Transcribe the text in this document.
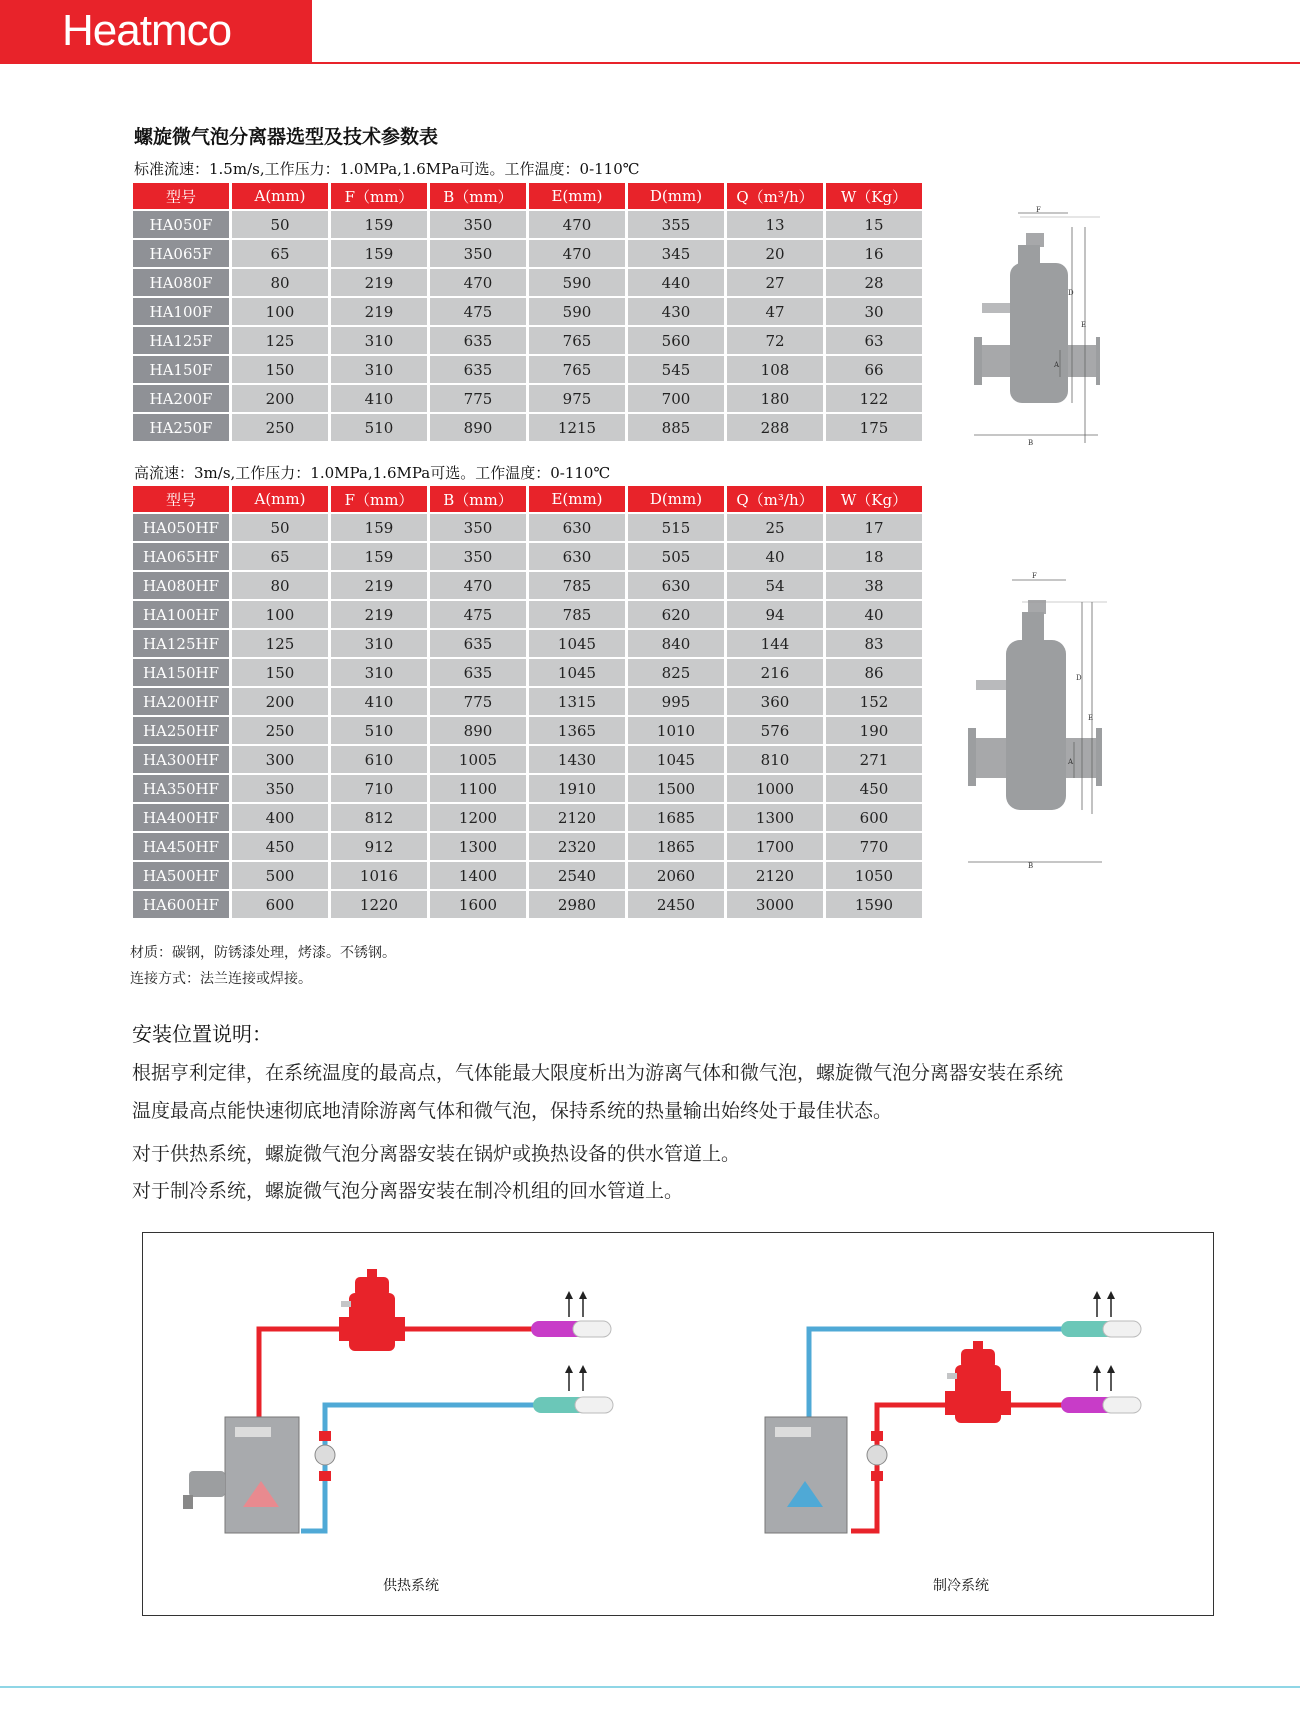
Heatmco
螺旋微气泡分离器选型及技术参数表
标准流速：1.5m/s,工作压力：1.0MPa,1.6MPa可选。工作温度：0-110℃
型号	A(mm)	F（mm）	B（mm）	E(mm)	D(mm)	Q（m³/h）	W（Kg）
HA050F	50	159	350	470	355	13	15
HA065F	65	159	350	470	345	20	16
HA080F	80	219	470	590	440	27	28
HA100F	100	219	475	590	430	47	30
HA125F	125	310	635	765	560	72	63
HA150F	150	310	635	765	545	108	66
HA200F	200	410	775	975	700	180	122
HA250F	250	510	890	1215	885	288	175
高流速：3m/s,工作压力：1.0MPa,1.6MPa可选。工作温度：0-110℃
型号	A(mm)	F（mm）	B（mm）	E(mm)	D(mm)	Q（m³/h）	W（Kg）
HA050HF	50	159	350	630	515	25	17
HA065HF	65	159	350	630	505	40	18
HA080HF	80	219	470	785	630	54	38
HA100HF	100	219	475	785	620	94	40
HA125HF	125	310	635	1045	840	144	83
HA150HF	150	310	635	1045	825	216	86
HA200HF	200	410	775	1315	995	360	152
HA250HF	250	510	890	1365	1010	576	190
HA300HF	300	610	1005	1430	1045	810	271
HA350HF	350	710	1100	1910	1500	1000	450
HA400HF	400	812	1200	2120	1685	1300	600
HA450HF	450	912	1300	2320	1865	1700	770
HA500HF	500	1016	1400	2540	2060	2120	1050
HA600HF	600	1220	1600	2980	2450	3000	1590
F
D
E
A
B
F
D
E
A
B
材质：碳钢，防锈漆处理，烤漆。不锈钢。
连接方式：法兰连接或焊接。
安装位置说明：
根据亨利定律，在系统温度的最高点，气体能最大限度析出为游离气体和微气泡，螺旋微气泡分离器安装在系统
温度最高点能快速彻底地清除游离气体和微气泡，保持系统的热量输出始终处于最佳状态。
对于供热系统，螺旋微气泡分离器安装在锅炉或换热设备的供水管道上。
对于制冷系统，螺旋微气泡分离器安装在制冷机组的回水管道上。
供热系统	制冷系统
